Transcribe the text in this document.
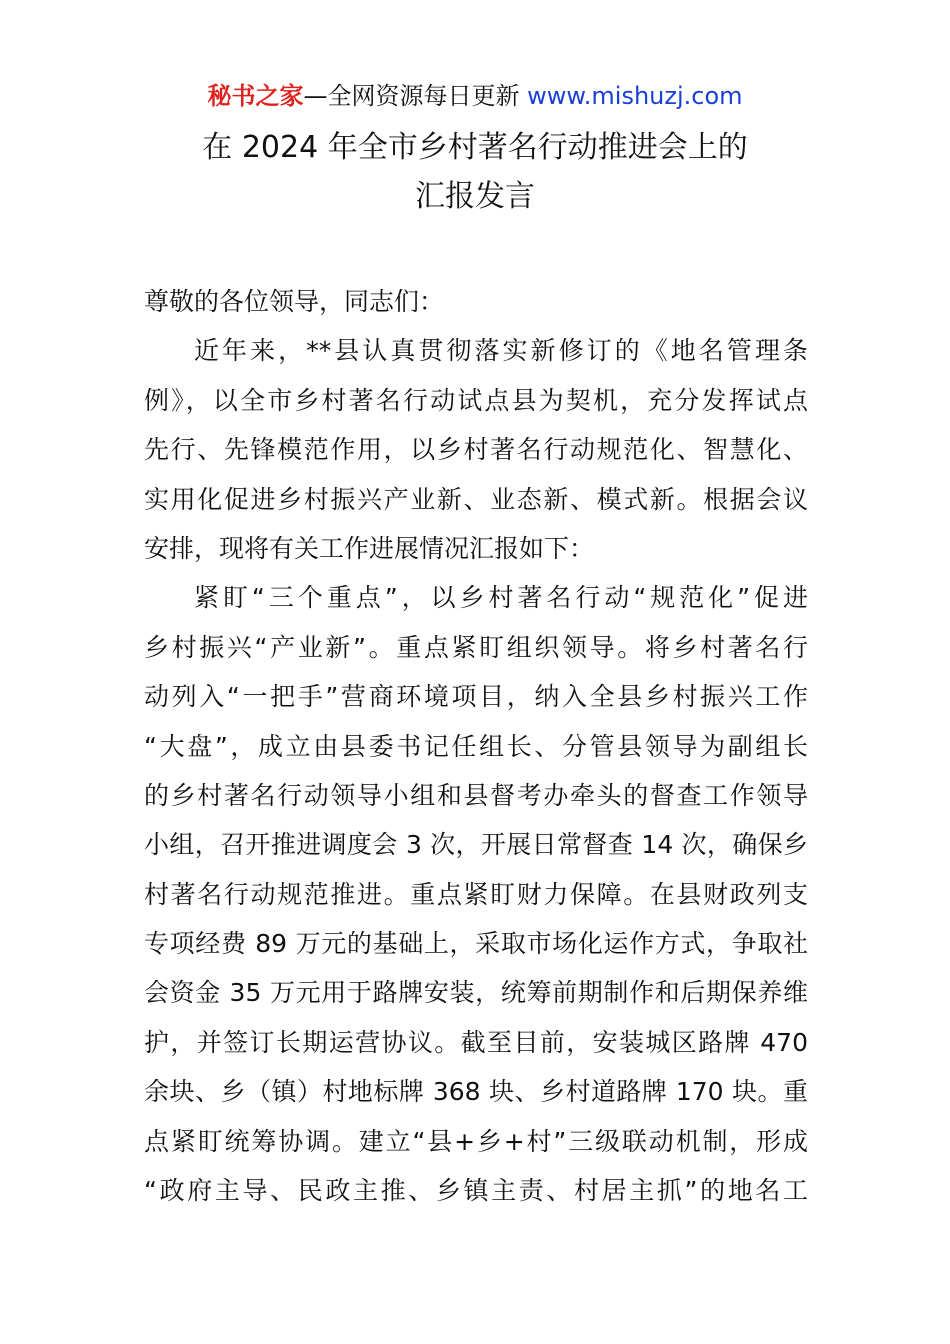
秘书之家—全网资源每日更新 www.mishuzj.com
在 2024 年全市乡村著名行动推进会上的
汇报发言
尊敬的各位领导，同志们：
近年来，**县认真贯彻落实新修订的《地名管理条
例》，以全市乡村著名行动试点县为契机，充分发挥试点
先行、先锋模范作用，以乡村著名行动规范化、智慧化、
实用化促进乡村振兴产业新、业态新、模式新。根据会议
安排，现将有关工作进展情况汇报如下：
紧盯“三个重点”，以乡村著名行动“规范化”促进
乡村振兴“产业新”。重点紧盯组织领导。将乡村著名行
动列入“一把手”营商环境项目，纳入全县乡村振兴工作
“大盘”，成立由县委书记任组长、分管县领导为副组长
的乡村著名行动领导小组和县督考办牵头的督查工作领导
小组，召开推进调度会 3 次，开展日常督查 14 次，确保乡
村著名行动规范推进。重点紧盯财力保障。在县财政列支
专项经费 89 万元的基础上，采取市场化运作方式，争取社
会资金 35 万元用于路牌安装，统筹前期制作和后期保养维
护，并签订长期运营协议。截至目前，安装城区路牌 470
余块、乡（镇）村地标牌 368 块、乡村道路牌 170 块。重
点紧盯统筹协调。建立“县+乡+村”三级联动机制，形成
“政府主导、民政主推、乡镇主责、村居主抓”的地名工
